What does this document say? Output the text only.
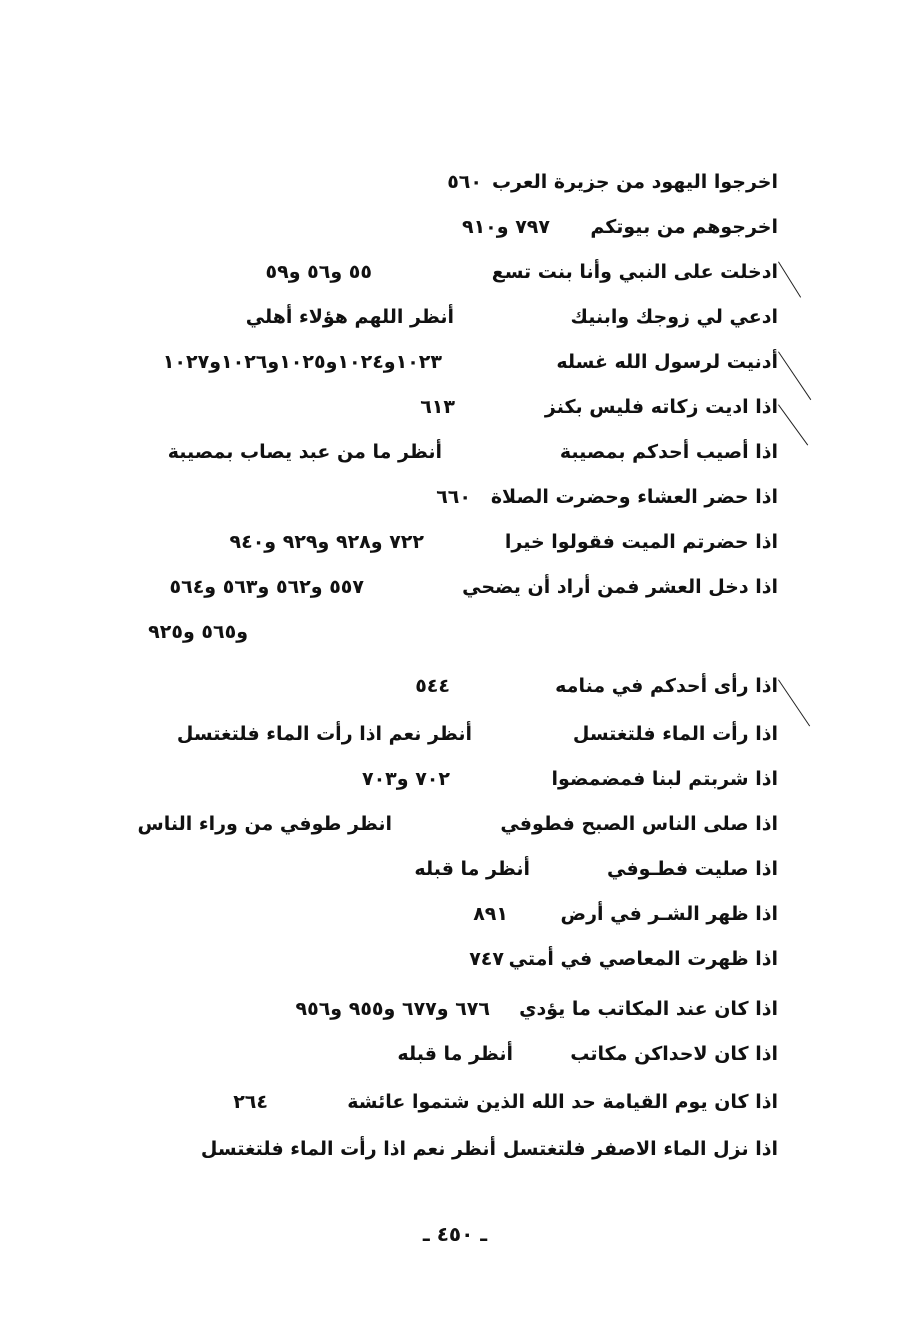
اخرجوا اليهود من جزيرة العرب
٥٦٠
اخرجوهم من بيوتكم
٧٩٧ و٩١٠
ادخلت على النبي وأنا بنت تسع
٥٥ و٥٦ و٥٩
ادعي لي زوجك وابنيك
أنظر اللهم هؤلاء أهلي
أدنيت لرسول الله غسله
١٠٢٣و١٠٢٤و١٠٢٥و١٠٢٦و١٠٢٧
اذا اديت زكاته فليس بكنز
٦١٣
اذا أصيب أحدكم بمصيبة
أنظر ما من عبد يصاب بمصيبة
اذا حضر العشاء وحضرت الصلاة
٦٦٠
اذا حضرتم الميت فقولوا خيرا
٧٢٢ و٩٢٨ و٩٢٩ و٩٤٠
اذا دخل العشر فمن أراد أن يضحي
٥٥٧ و٥٦٢ و٥٦٣ و٥٦٤
و٥٦٥ و٩٢٥
اذا رأى أحدكم في منامه
٥٤٤
اذا رأت الماء فلتغتسل
أنظر نعم اذا رأت الماء فلتغتسل
اذا شربتم لبنا فمضمضوا
٧٠٢ و٧٠٣
اذا صلى الناس الصبح فطوفي
انظر طوفي من وراء الناس
اذا صليت فطـوفي
أنظر ما قبله
اذا ظهر الشـر في أرض
٨٩١
اذا ظهرت المعاصي في أمتي
٧٤٧
اذا كان عند المكاتب ما يؤدي
٦٧٦ و٦٧٧ و٩٥٥ و٩٥٦
اذا كان لاحداكن مكاتب
أنظر ما قبله
اذا كان يوم القيامة حد الله الذين شتموا عائشة
٢٦٤
اذا نزل الماء الاصفر فلتغتسل
أنظر نعم اذا رأت الماء فلتغتسل
ـ ٤٥٠ ـ
